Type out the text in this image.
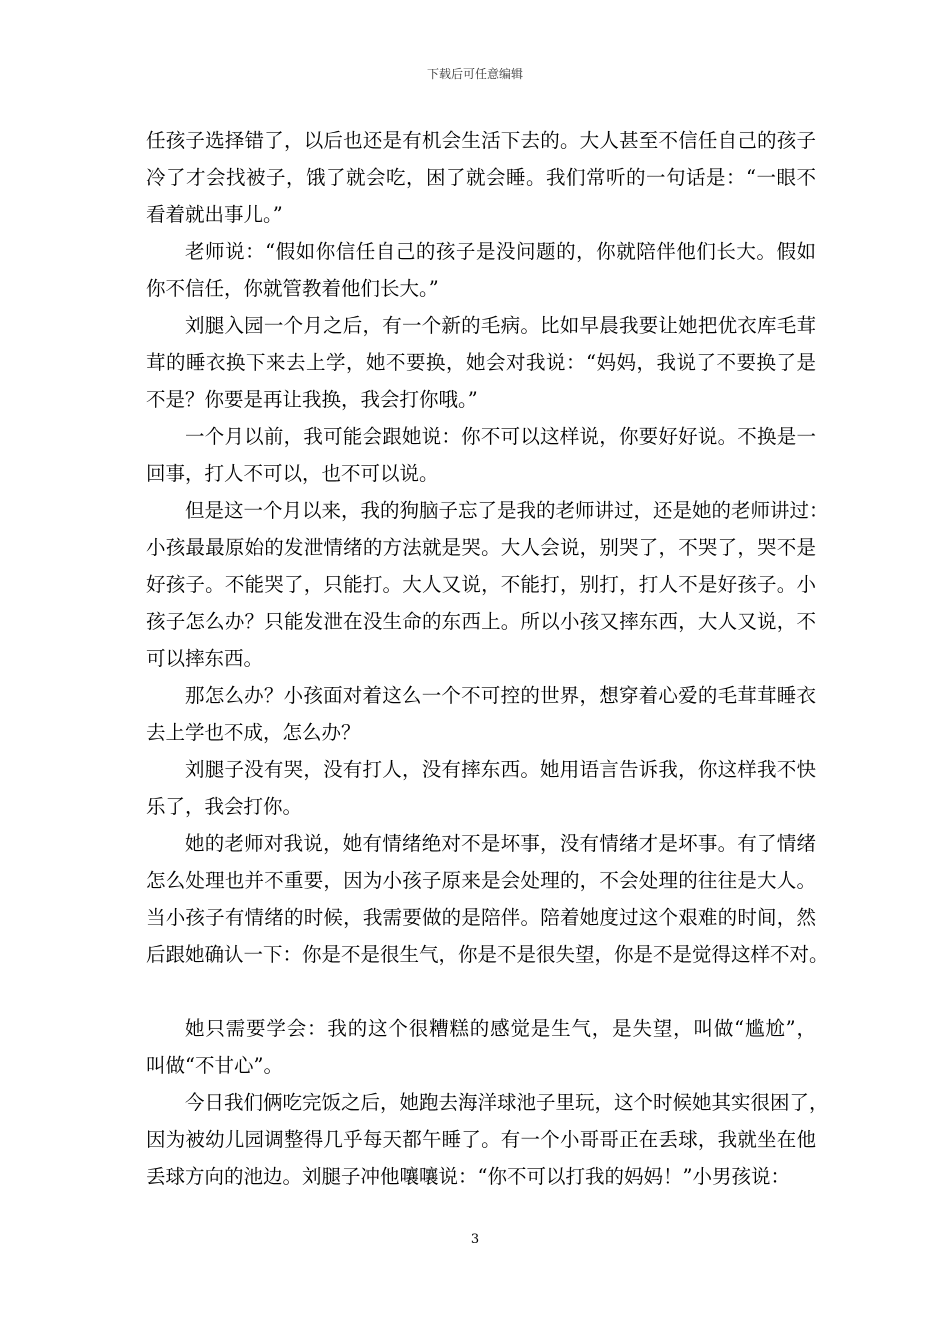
下载后可任意编辑
任孩子选择错了，以后也还是有机会生活下去的。大人甚至不信任自己的孩子
冷了才会找被子，饿了就会吃，困了就会睡。我们常听的一句话是：“一眼不
看着就出事儿。”
老师说：“假如你信任自己的孩子是没问题的，你就陪伴他们长大。假如
你不信任，你就管教着他们长大。”
刘腿入园一个月之后，有一个新的毛病。比如早晨我要让她把优衣库毛茸
茸的睡衣换下来去上学，她不要换，她会对我说：“妈妈，我说了不要换了是
不是？你要是再让我换，我会打你哦。”
一个月以前，我可能会跟她说：你不可以这样说，你要好好说。不换是一
回事，打人不可以，也不可以说。
但是这一个月以来，我的狗脑子忘了是我的老师讲过，还是她的老师讲过：
小孩最最原始的发泄情绪的方法就是哭。大人会说，别哭了，不哭了，哭不是
好孩子。不能哭了，只能打。大人又说，不能打，别打，打人不是好孩子。小
孩子怎么办？只能发泄在没生命的东西上。所以小孩又摔东西，大人又说，不
可以摔东西。
那怎么办？小孩面对着这么一个不可控的世界，想穿着心爱的毛茸茸睡衣
去上学也不成，怎么办？
刘腿子没有哭，没有打人，没有摔东西。她用语言告诉我，你这样我不快
乐了，我会打你。
她的老师对我说，她有情绪绝对不是坏事，没有情绪才是坏事。有了情绪
怎么处理也并不重要，因为小孩子原来是会处理的，不会处理的往往是大人。
当小孩子有情绪的时候，我需要做的是陪伴。陪着她度过这个艰难的时间，然
后跟她确认一下：你是不是很生气，你是不是很失望，你是不是觉得这样不对。
她只需要学会：我的这个很糟糕的感觉是生气，是失望，叫做“尴尬”，
叫做“不甘心”。
今日我们俩吃完饭之后，她跑去海洋球池子里玩，这个时候她其实很困了，
因为被幼儿园调整得几乎每天都午睡了。有一个小哥哥正在丢球，我就坐在他
丢球方向的池边。刘腿子冲他嚷嚷说：“你不可以打我的妈妈！”小男孩说：
3
